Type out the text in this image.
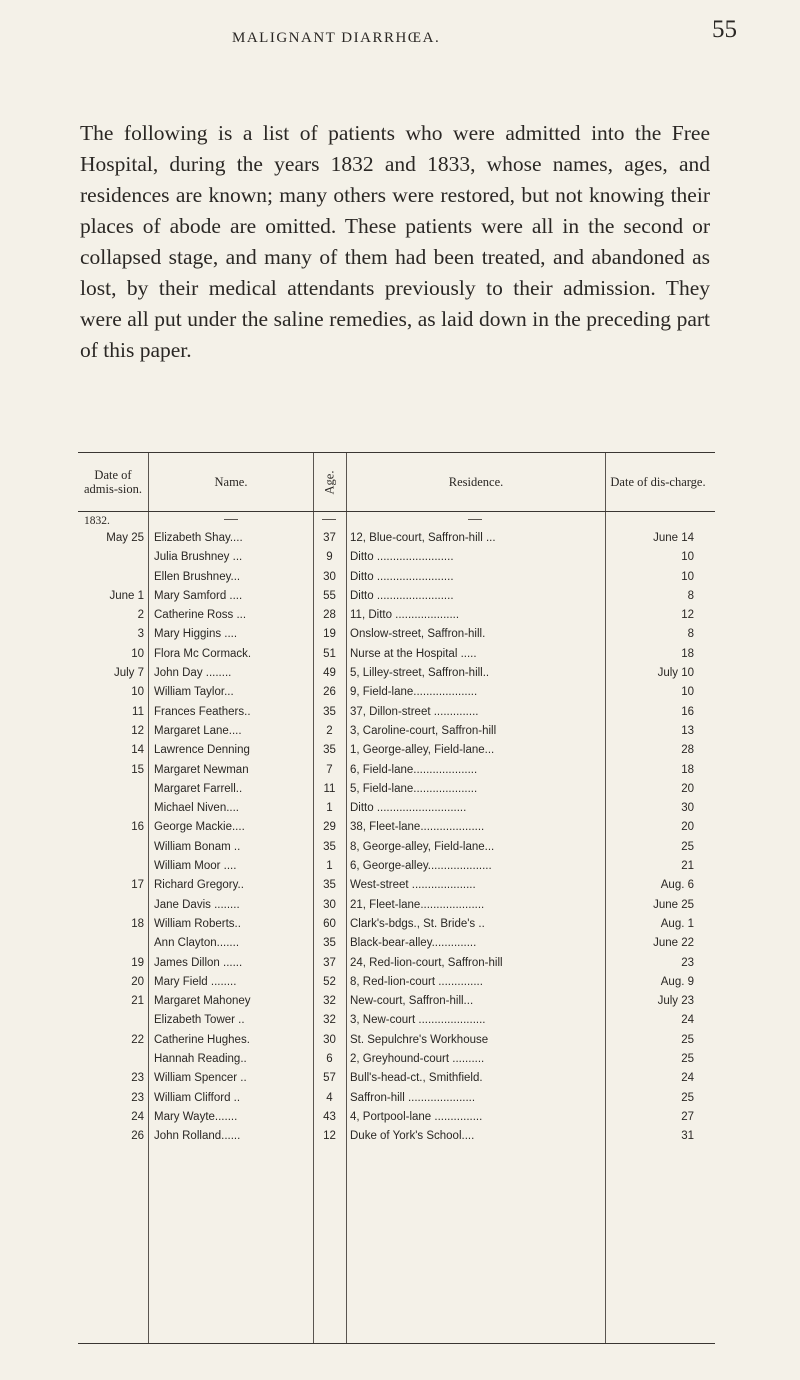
MALIGNANT DIARRHŒA.	55

The following is a list of patients who were admitted into the Free Hospital, during the years 1832 and 1833, whose names, ages, and residences are known; many others were restored, but not knowing their places of abode are omitted. These patients were all in the second or collapsed stage, and many of them had been treated, and abandoned as lost, by their medical attendants previously to their admission. They were all put under the saline remedies, as laid down in the preceding part of this paper.

Date of admis-sion.	Name.	Age.	Residence.	Date of dis-charge.
1832.
May 25 Elizabeth Shay....	37	12, Blue-court, Saffron-hill ...	June 14
Julia Brushney ...	9	Ditto ........................	10
Ellen Brushney...	30	Ditto ........................	10
June 1 Mary Samford ....	55	Ditto ........................	8
2 Catherine Ross ...	28	11, Ditto ....................	12
3 Mary Higgins ....	19	Onslow-street, Saffron-hill.	8
10 Flora Mc Cormack.	51	Nurse at the Hospital .....	18
July 7 John Day ........	49	5, Lilley-street, Saffron-hill..	July 10
10 William Taylor...	26	9, Field-lane....................	10
11 Frances Feathers..	35	37, Dillon-street ..............	16
12 Margaret Lane....	2	3, Caroline-court, Saffron-hill	13
14 Lawrence Denning	35	1, George-alley, Field-lane...	28
15 Margaret Newman	7	6, Field-lane....................	18
Margaret Farrell..	11	5, Field-lane....................	20
Michael Niven....	1	Ditto ............................	30
16 George Mackie....	29	38, Fleet-lane....................	20
William Bonam ..	35	8, George-alley, Field-lane...	25
William Moor ....	1	6, George-alley....................	21
17 Richard Gregory..	35	West-street ....................	Aug. 6
Jane Davis ........	30	21, Fleet-lane....................	June 25
18 William Roberts..	60	Clark's-bdgs., St. Bride's ..	Aug. 1
Ann Clayton.......	35	Black-bear-alley..............	June 22
19 James Dillon ......	37	24, Red-lion-court, Saffron-hill	23
20 Mary Field ........	52	8, Red-lion-court ..............	Aug. 9
21 Margaret Mahoney	32	New-court, Saffron-hill...	July 23
Elizabeth Tower ..	32	3, New-court .....................	24
22 Catherine Hughes.	30	St. Sepulchre's Workhouse	25
Hannah Reading..	6	2, Greyhound-court ..........	25
23 William Spencer ..	57	Bull's-head-ct., Smithfield.	24
23 William Clifford ..	4	Saffron-hill .....................	25
24 Mary Wayte.......	43	4, Portpool-lane ...............	27
26 John Rolland......	12	Duke of York's School....	31
